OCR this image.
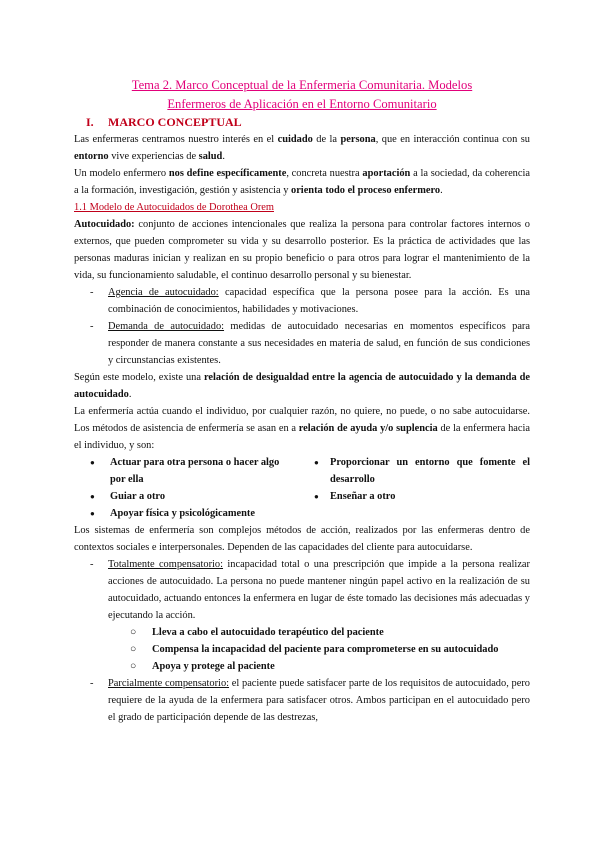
Tema 2. Marco Conceptual de la Enfermeria Comunitaria. Modelos
Enfermeros de Aplicación en el Entorno Comunitario
I. MARCO CONCEPTUAL

Las enfermeras centramos nuestro interés en el cuidado de la persona, que en interacción continua con su entorno vive experiencias de salud.

Un modelo enfermero nos define específicamente, concreta nuestra aportación a la sociedad, da coherencia a la formación, investigación, gestión y asistencia y orienta todo el proceso enfermero.

1.1 Modelo de Autocuidados de Dorothea Orem

Autocuidado: conjunto de acciones intencionales que realiza la persona para controlar factores internos o externos, que pueden comprometer su vida y su desarrollo posterior. Es la práctica de actividades que las personas maduras inician y realizan en su propio beneficio o para otros para lograr el mantenimiento de la vida, su funcionamiento saludable, el continuo desarrollo personal y su bienestar.

- Agencia de autocuidado: capacidad específica que la persona posee para la acción. Es una combinación de conocimientos, habilidades y motivaciones.
- Demanda de autocuidado: medidas de autocuidado necesarias en momentos específicos para responder de manera constante a sus necesidades en materia de salud, en función de sus condiciones y circunstancias existentes.

Según este modelo, existe una relación de desigualdad entre la agencia de autocuidado y la demanda de autocuidado.

La enfermería actúa cuando el individuo, por cualquier razón, no quiere, no puede, o no sabe autocuidarse. Los métodos de asistencia de enfermería se asan en a relación de ayuda y/o suplencia de la enfermera hacia el individuo, y son:

● Actuar para otra persona o hacer algo por ella
● Guiar a otro
● Proporcionar un entorno que fomente el desarrollo
● Enseñar a otro
● Apoyar física y psicológicamente

Los sistemas de enfermería son complejos métodos de acción, realizados por las enfermeras dentro de contextos sociales e interpersonales. Dependen de las capacidades del cliente para autocuidarse.

- Totalmente compensatorio: incapacidad total o una prescripción que impide a la persona realizar acciones de autocuidado. La persona no puede mantener ningún papel activo en la realización de su autocuidado, actuando entonces la enfermera en lugar de éste tomado las decisiones más adecuadas y ejecutando la acción.
○ Lleva a cabo el autocuidado terapéutico del paciente
○ Compensa la incapacidad del paciente para comprometerse en su autocuidado
○ Apoya y protege al paciente
- Parcialmente compensatorio: el paciente puede satisfacer parte de los requisitos de autocuidado, pero requiere de la ayuda de la enfermera para satisfacer otros. Ambos participan en el autocuidado pero el grado de participación depende de las destrezas,
